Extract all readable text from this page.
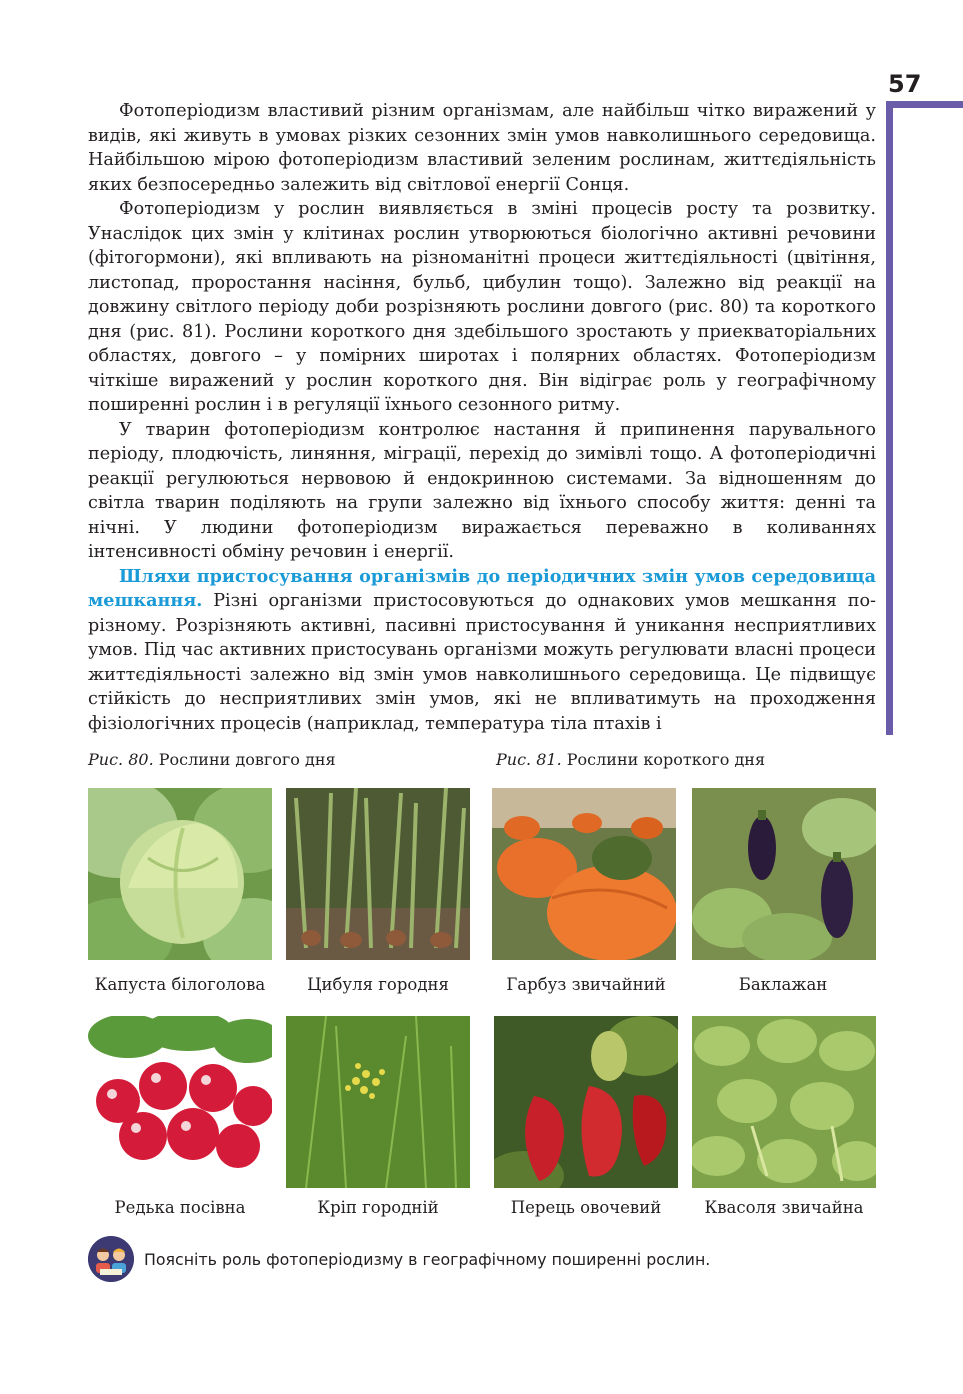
57

Фотоперіодизм властивий різним організмам, але найбільш чітко виражений у видів, які живуть в умовах різких сезонних змін умов навколишнього середовища. Найбільшою мірою фотоперіодизм властивий зеленим рослинам, життєдіяльність яких безпосередньо залежить від світлової енергії Сонця.

Фотоперіодизм у рослин виявляється в зміні процесів росту та розвитку. Унаслідок цих змін у клітинах рослин утворюються біологічно активні речовини (фітогормони), які впливають на різноманітні процеси життєдіяльності (цвітіння, листопад, проростання насіння, бульб, цибулин тощо). Залежно від реакції на довжину світлого періоду доби розрізняють рослини довгого (рис. 80) та короткого дня (рис. 81). Рослини короткого дня здебільшого зростають у приекваторіальних областях, довгого – у помірних широтах і полярних областях. Фотоперіодизм чіткіше виражений у рослин короткого дня. Він відіграє роль у географічному поширенні рослин і в регуляції їхнього сезонного ритму.

У тварин фотоперіодизм контролює настання й припинення парувального періоду, плодючість, линяння, міграції, перехід до зимівлі тощо. А фотоперіодичні реакції регулюються нервовою й ендокринною системами. За відношенням до світла тварин поділяють на групи залежно від їхнього способу життя: денні та нічні. У людини фотоперіодизм виражається переважно в коливаннях інтенсивності обміну речовин і енергії.

Шляхи пристосування організмів до періодичних змін умов середовища мешкання. Різні організми пристосовуються до однакових умов мешкання по-різному. Розрізняють активні, пасивні пристосування й уникання несприятливих умов. Під час активних пристосувань організми можуть регулювати власні процеси життєдіяльності залежно від змін умов навколишнього середовища. Це підвищує стійкість до несприятливих змін умов, які не впливатимуть на проходження фізіологічних процесів (наприклад, температура тіла птахів і

Рис. 80. Рослини довгого дня	Рис. 81. Рослини короткого дня
Капуста білоголова	Цибуля городня	Гарбуз звичайний	Баклажан
Редька посівна	Кріп городній	Перець овочевий	Квасоля звичайна
Поясніть роль фотоперіодизму в географічному поширенні рослин.
